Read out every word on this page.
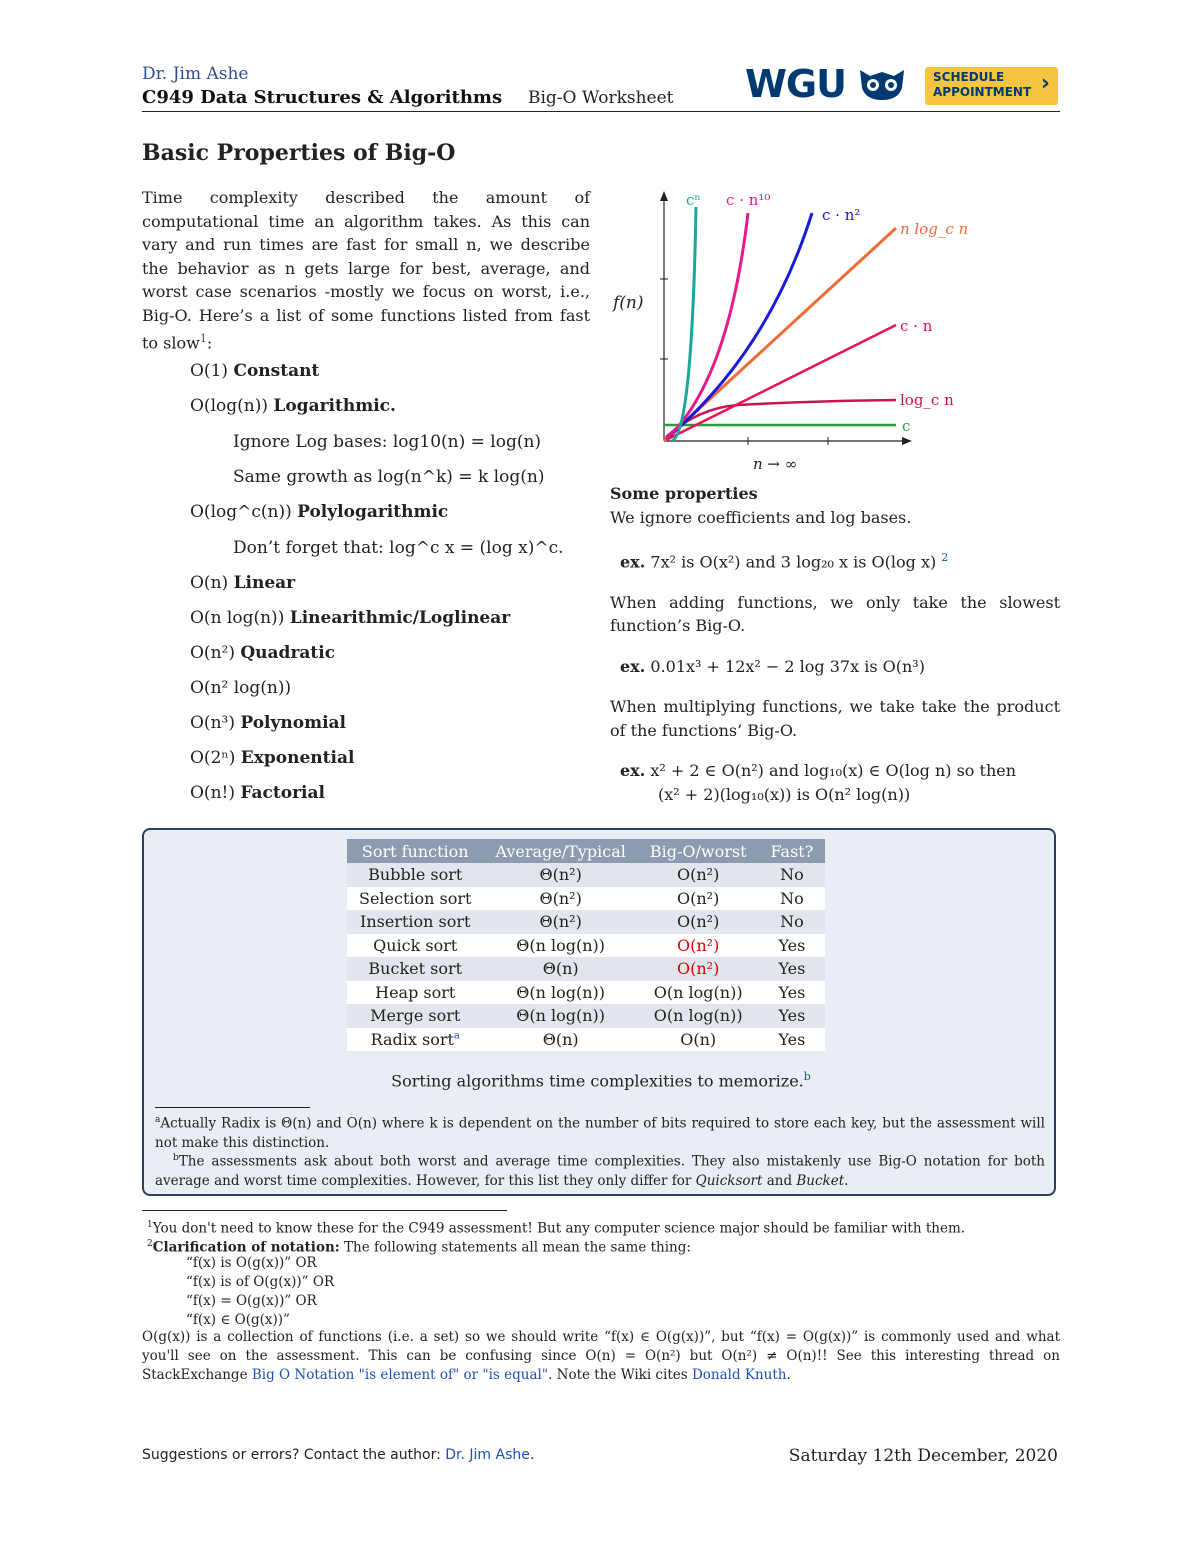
Dr. Jim Ashe
C949 Data Structures & Algorithms Big-O Worksheet WGU	SCHEDULE
APPOINTMENT ›
Basic Properties of Big-O
Time complexity described the amount of computational time an algorithm takes. As this can vary and run times are fast for small n, we describe the behavior as n gets large for best, average, and worst case scenarios -mostly we focus on worst, i.e., Big-O. Here’s a list of some functions listed from fast to slow$^1$:
O(1) Constant
O(log(n)) Logarithmic.
Ignore Log bases: log10(n) = log(n)
Same growth as log(n^k) = k log(n)
O(log^c(n)) Polylogarithmic
Don’t forget that: log^c x = (log x)^c.
O(n) Linear
O(n log(n)) Linearithmic/Loglinear
O(n²) Quadratic
O(n² log(n))
O(n³) Polynomial
O(2ⁿ) Exponential
O(n!) Factorial
f(n)
n → ∞
cⁿ c · n¹⁰
c · n²
n log_c n
c · n
log_c n
c

Some properties

We ignore coefficients and log bases.

ex. 7x² is O(x²) and 3 log₂₀ x is O(log x) $^2$

When adding functions, we only take the slowest function’s Big-O.

ex. 0.01x³ + 12x² − 2 log 37x is O(n³)

When multiplying functions, we take take the product of the functions’ Big-O.

ex. x² + 2 ∈ O(n²) and log₁₀(x) ∈ O(log n) so then

(x² + 2)(log₁₀(x)) is O(n² log(n))

Sort function	Average/Typical	Big-O/worst	Fast?
Bubble sort	Θ(n²)	O(n²)	No
Selection sort	Θ(n²)	O(n²)	No
Insertion sort	Θ(n²)	O(n²)	No
Quick sort	Θ(n log(n))	O(n²)	Yes
Bucket sort	Θ(n)	O(n²)	Yes
Heap sort	Θ(n log(n))	O(n log(n))	Yes
Merge sort	Θ(n log(n))	O(n log(n))	Yes
Radix sort$^a$	Θ(n)	O(n)	Yes
Sorting algorithms time complexities to memorize.$^b$
$^a$Actually Radix is Θ(n) and O(n) where k is dependent on the number of bits required to store each key, but the assessment will not make this distinction.
$^b$The assessments ask about both worst and average time complexities. They also mistakenly use Big-O notation for both average and worst time complexities. However, for this list they only differ for Quicksort and Bucket.
$^1$You don't need to know these for the C949 assessment! But any computer science major should be familiar with them.
$^2$Clarification of notation: The following statements all mean the same thing:
“f(x) is O(g(x))” OR
“f(x) is of O(g(x))” OR
“f(x) = O(g(x))” OR
“f(x) ∈ O(g(x))”
O(g(x)) is a collection of functions (i.e. a set) so we should write “f(x) ∈ O(g(x))”, but “f(x) = O(g(x))” is commonly used and what you'll see on the assessment. This can be confusing since O(n) = O(n²) but O(n²) ≠ O(n)!! See this interesting thread on StackExchange Big O Notation "is element of" or "is equal". Note the Wiki cites Donald Knuth.
Suggestions or errors? Contact the author: Dr. Jim Ashe.	Saturday 12th December, 2020
